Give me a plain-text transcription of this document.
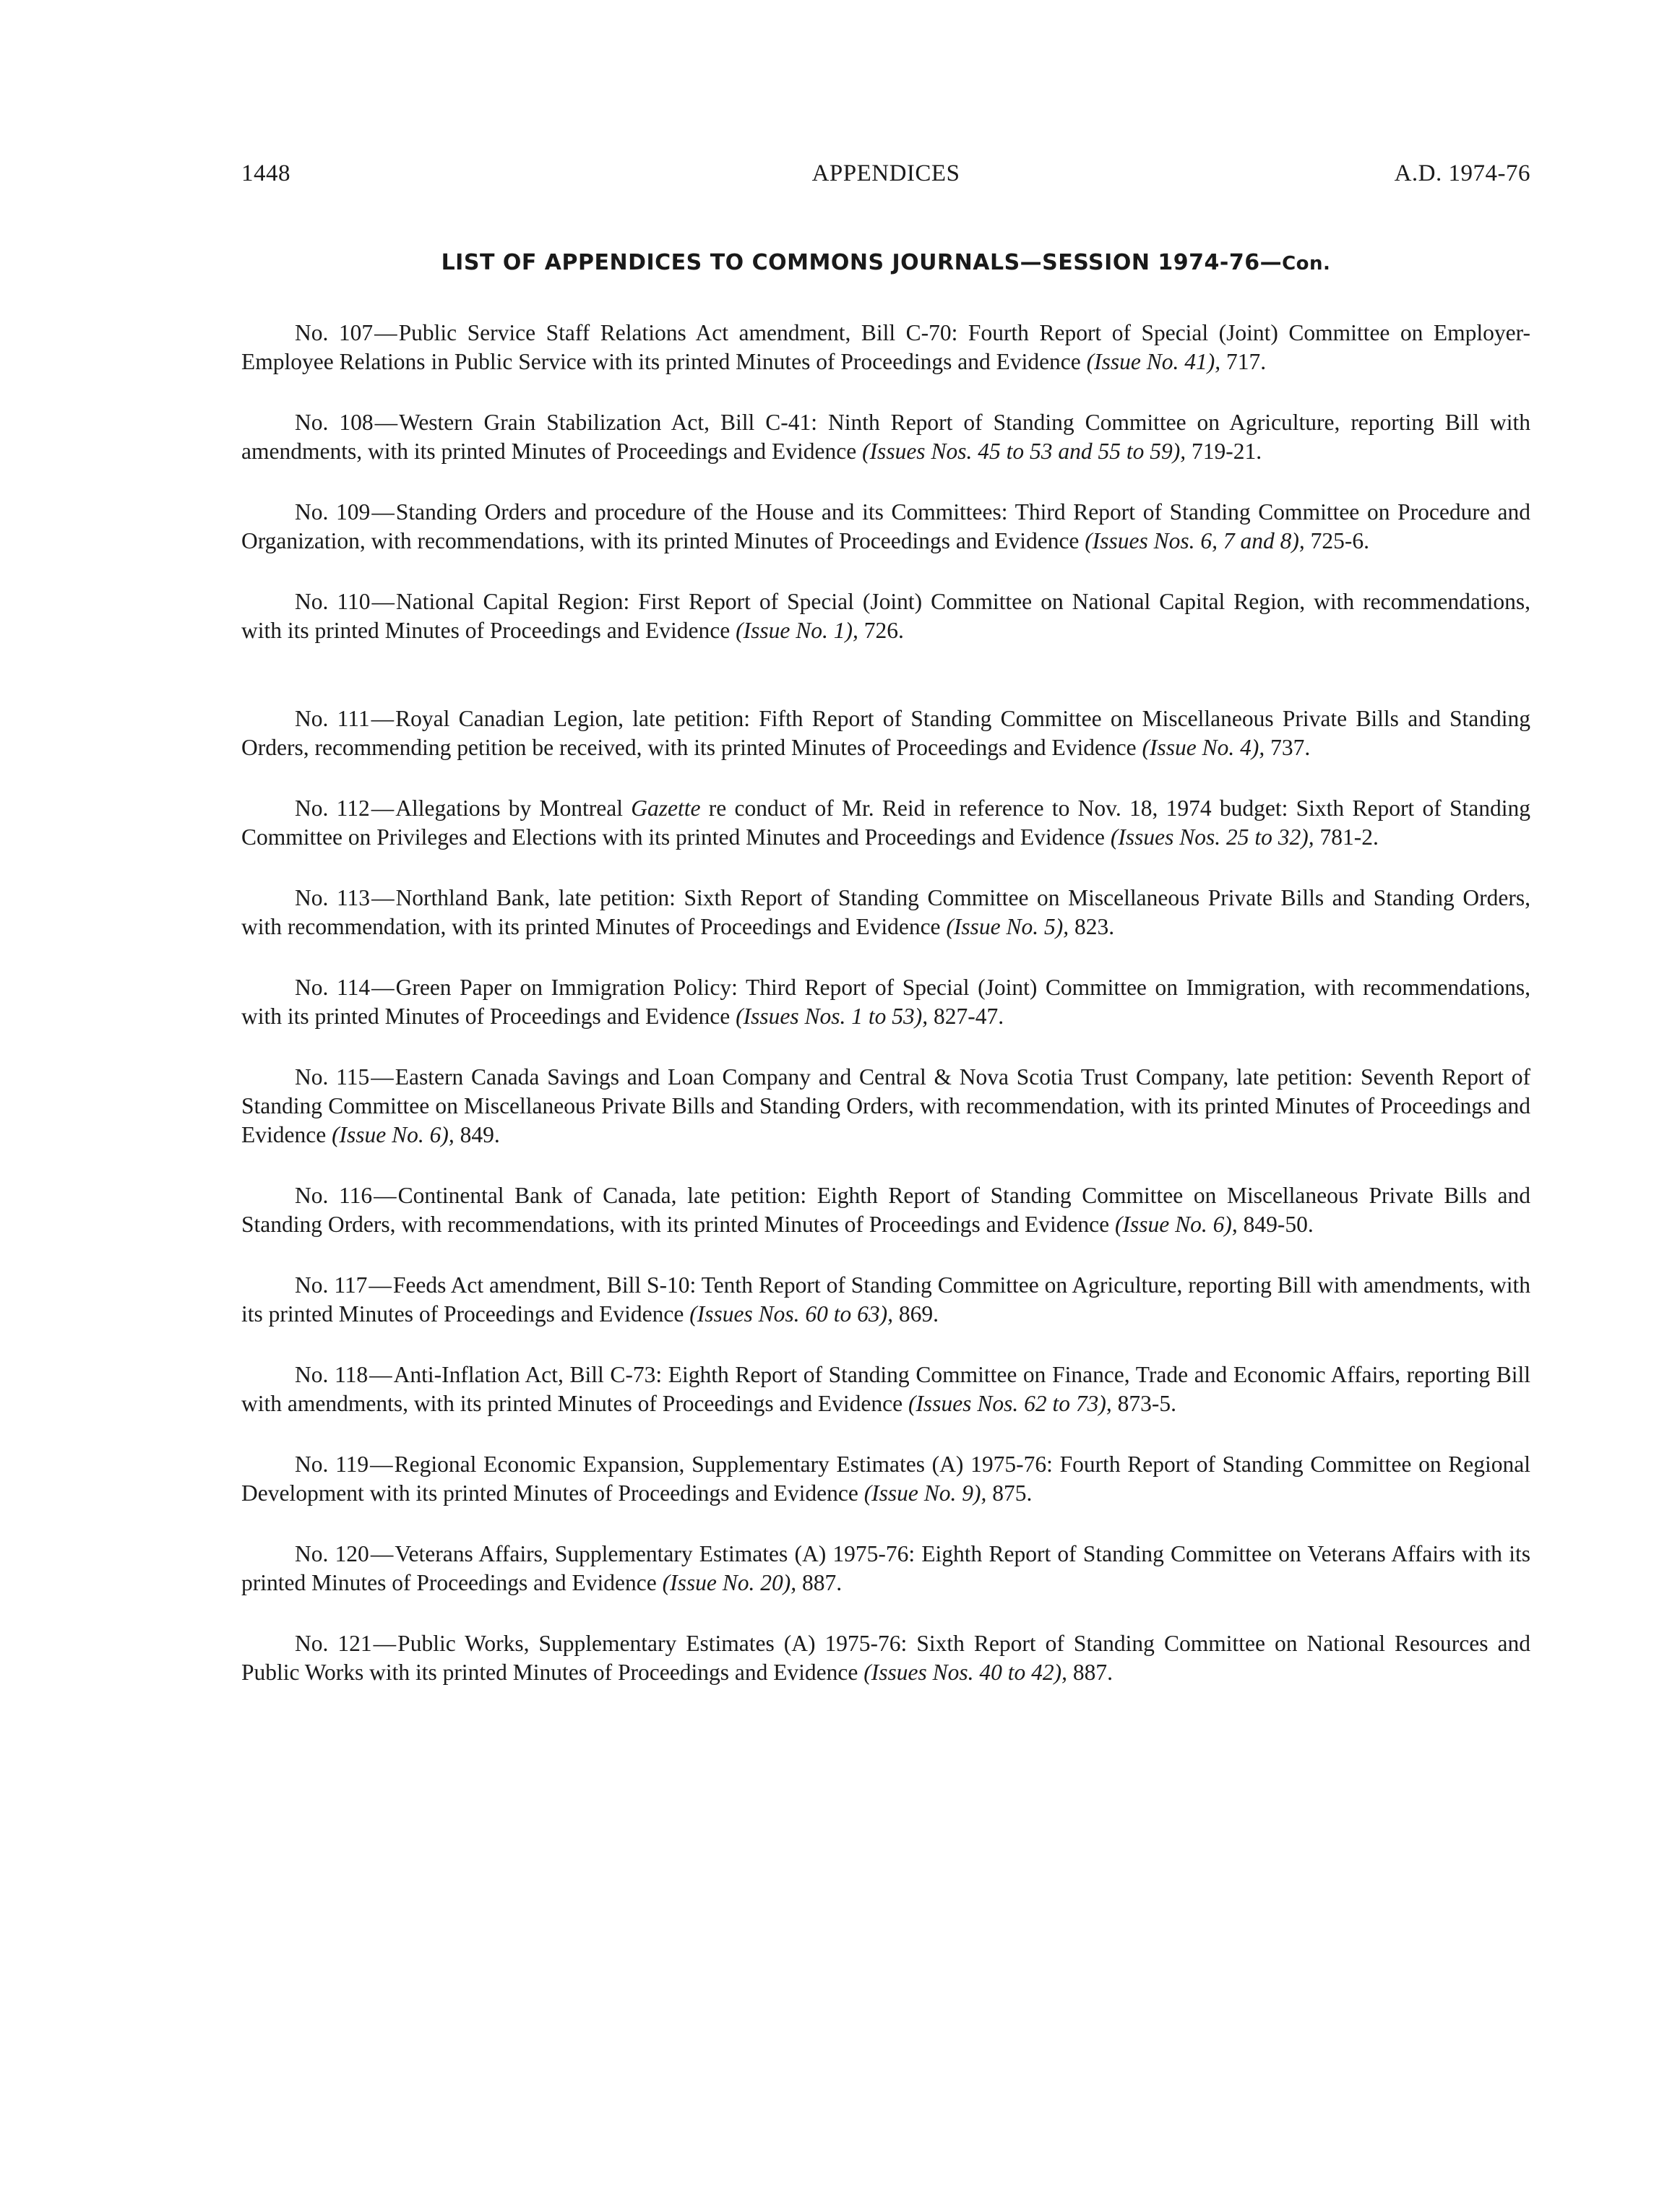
1448	APPENDICES	A.D. 1974-76
LIST OF APPENDICES TO COMMONS JOURNALS—SESSION 1974-76—Con.

No. 107—Public Service Staff Relations Act amendment, Bill C-70: Fourth Report of Special (Joint) Committee on Employer-Employee Relations in Public Service with its printed Minutes of Proceedings and Evidence (Issue No. 41), 717.

No. 108—Western Grain Stabilization Act, Bill C-41: Ninth Report of Standing Committee on Agriculture, reporting Bill with amendments, with its printed Minutes of Proceedings and Evidence (Issues Nos. 45 to 53 and 55 to 59), 719-21.

No. 109—Standing Orders and procedure of the House and its Committees: Third Report of Standing Committee on Procedure and Organization, with recommendations, with its printed Minutes of Proceedings and Evidence (Issues Nos. 6, 7 and 8), 725-6.

No. 110—National Capital Region: First Report of Special (Joint) Committee on National Capital Region, with recommendations, with its printed Minutes of Proceedings and Evidence (Issue No. 1), 726.

No. 111—Royal Canadian Legion, late petition: Fifth Report of Standing Committee on Miscellaneous Private Bills and Standing Orders, recommending petition be received, with its printed Minutes of Proceedings and Evidence (Issue No. 4), 737.

No. 112—Allegations by Montreal Gazette re conduct of Mr. Reid in reference to Nov. 18, 1974 budget: Sixth Report of Standing Committee on Privileges and Elections with its printed Minutes and Proceedings and Evidence (Issues Nos. 25 to 32), 781-2.

No. 113—Northland Bank, late petition: Sixth Report of Standing Committee on Miscellaneous Private Bills and Standing Orders, with recommendation, with its printed Minutes of Proceedings and Evidence (Issue No. 5), 823.

No. 114—Green Paper on Immigration Policy: Third Report of Special (Joint) Committee on Immigration, with recommendations, with its printed Minutes of Proceedings and Evidence (Issues Nos. 1 to 53), 827-47.

No. 115—Eastern Canada Savings and Loan Company and Central & Nova Scotia Trust Company, late petition: Seventh Report of Standing Committee on Miscellaneous Private Bills and Standing Orders, with recommendation, with its printed Minutes of Proceedings and Evidence (Issue No. 6), 849.

No. 116—Continental Bank of Canada, late petition: Eighth Report of Standing Committee on Miscellaneous Private Bills and Standing Orders, with recommendations, with its printed Minutes of Proceedings and Evidence (Issue No. 6), 849-50.

No. 117—Feeds Act amendment, Bill S-10: Tenth Report of Standing Committee on Agriculture, reporting Bill with amendments, with its printed Minutes of Proceedings and Evidence (Issues Nos. 60 to 63), 869.

No. 118—Anti-Inflation Act, Bill C-73: Eighth Report of Standing Committee on Finance, Trade and Economic Affairs, reporting Bill with amendments, with its printed Minutes of Proceedings and Evidence (Issues Nos. 62 to 73), 873-5.

No. 119—Regional Economic Expansion, Supplementary Estimates (A) 1975-76: Fourth Report of Standing Committee on Regional Development with its printed Minutes of Proceedings and Evidence (Issue No. 9), 875.

No. 120—Veterans Affairs, Supplementary Estimates (A) 1975-76: Eighth Report of Standing Committee on Veterans Affairs with its printed Minutes of Proceedings and Evidence (Issue No. 20), 887.

No. 121—Public Works, Supplementary Estimates (A) 1975-76: Sixth Report of Standing Committee on National Resources and Public Works with its printed Minutes of Proceedings and Evidence (Issues Nos. 40 to 42), 887.
